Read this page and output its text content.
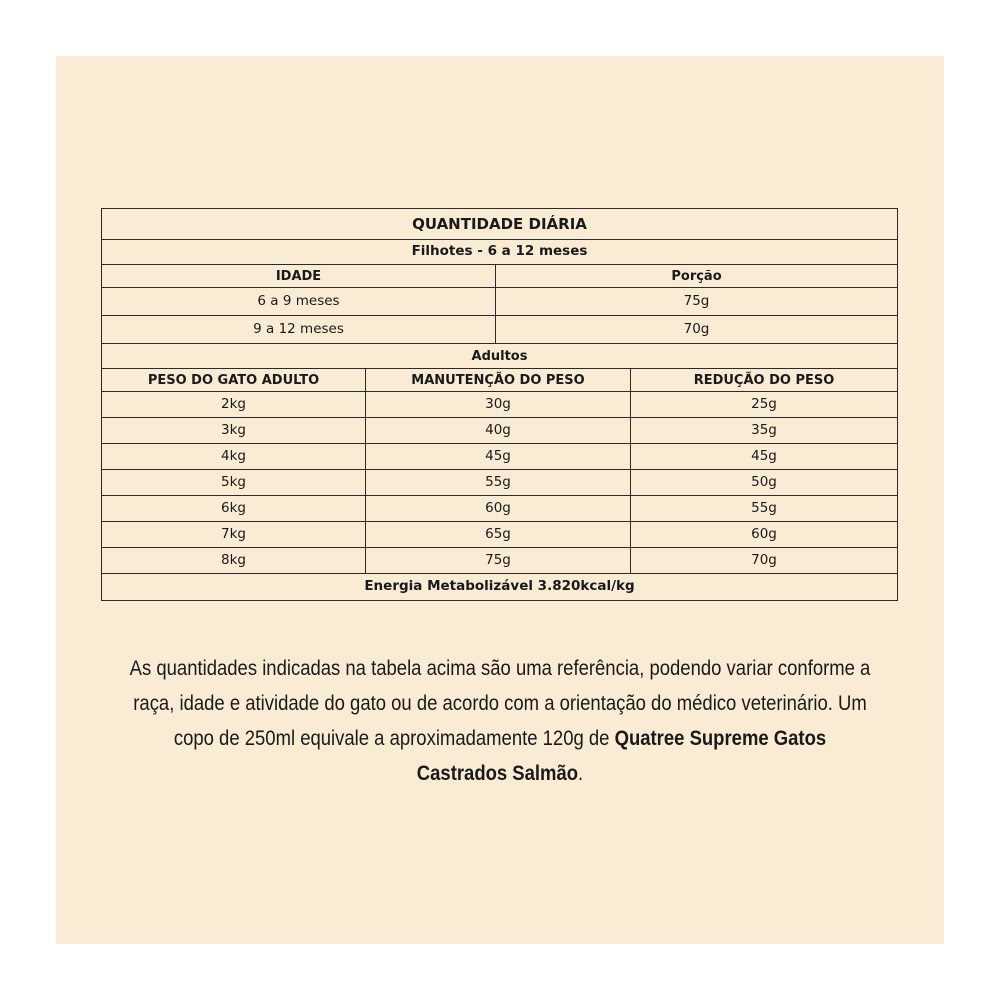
QUANTIDADE DIÁRIA			
Filhotes - 6 a 12 meses			
IDADE		Porção	
6 a 9 meses		75g	
9 a 12 meses		70g	
Adultos			
PESO DO GATO ADULTO	MANUTENÇÃO DO PESO		REDUÇÃO DO PESO
2kg	30g		25g
3kg	40g		35g
4kg	45g		45g
5kg	55g		50g
6kg	60g		55g
7kg	65g		60g
8kg	75g		70g
Energia Metabolizável 3.820kcal/kg			

As quantidades indicadas na tabela acima são uma referência, podendo variar conforme a raça, idade e atividade do gato ou de acordo com a orientação do médico veterinário. Um copo de 250ml equivale a aproximadamente 120g de Quatree Supreme Gatos Castrados Salmão.
